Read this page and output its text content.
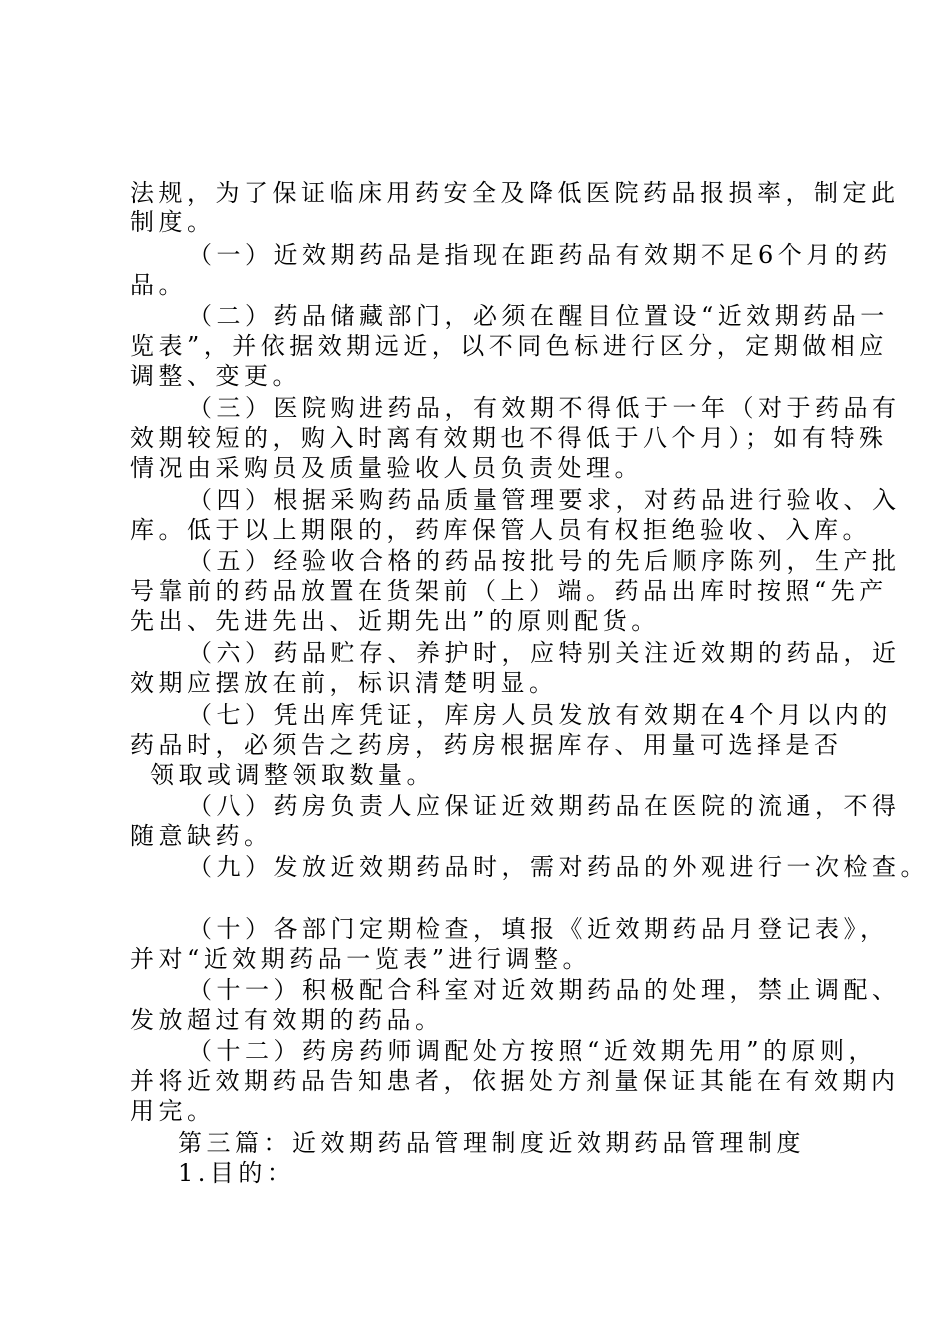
法规，为了保证临床用药安全及降低医院药品报损率，制定此
制度。
（一）近效期药品是指现在距药品有效期不足6个月的药
品。
（二）药品储藏部门，必须在醒目位置设“近效期药品一
览表”，并依据效期远近，以不同色标进行区分，定期做相应
调整、变更。
（三）医院购进药品，有效期不得低于一年（对于药品有
效期较短的，购入时离有效期也不得低于八个月）；如有特殊
情况由采购员及质量验收人员负责处理。
（四）根据采购药品质量管理要求，对药品进行验收、入
库。低于以上期限的，药库保管人员有权拒绝验收、入库。
（五）经验收合格的药品按批号的先后顺序陈列，生产批
号靠前的药品放置在货架前（上）端。药品出库时按照“先产
先出、先进先出、近期先出”的原则配货。
（六）药品贮存、养护时，应特别关注近效期的药品，近
效期应摆放在前，标识清楚明显。
（七）凭出库凭证，库房人员发放有效期在4个月以内的
药品时，必须告之药房，药房根据库存、用量可选择是否
领取或调整领取数量。
（八）药房负责人应保证近效期药品在医院的流通，不得
随意缺药。
（九）发放近效期药品时，需对药品的外观进行一次检查。
（十）各部门定期检查，填报《近效期药品月登记表》，
并对“近效期药品一览表”进行调整。
（十一）积极配合科室对近效期药品的处理，禁止调配、
发放超过有效期的药品。
（十二）药房药师调配处方按照“近效期先用”的原则，
并将近效期药品告知患者，依据处方剂量保证其能在有效期内
用完。
第三篇：近效期药品管理制度近效期药品管理制度
1.目的：
